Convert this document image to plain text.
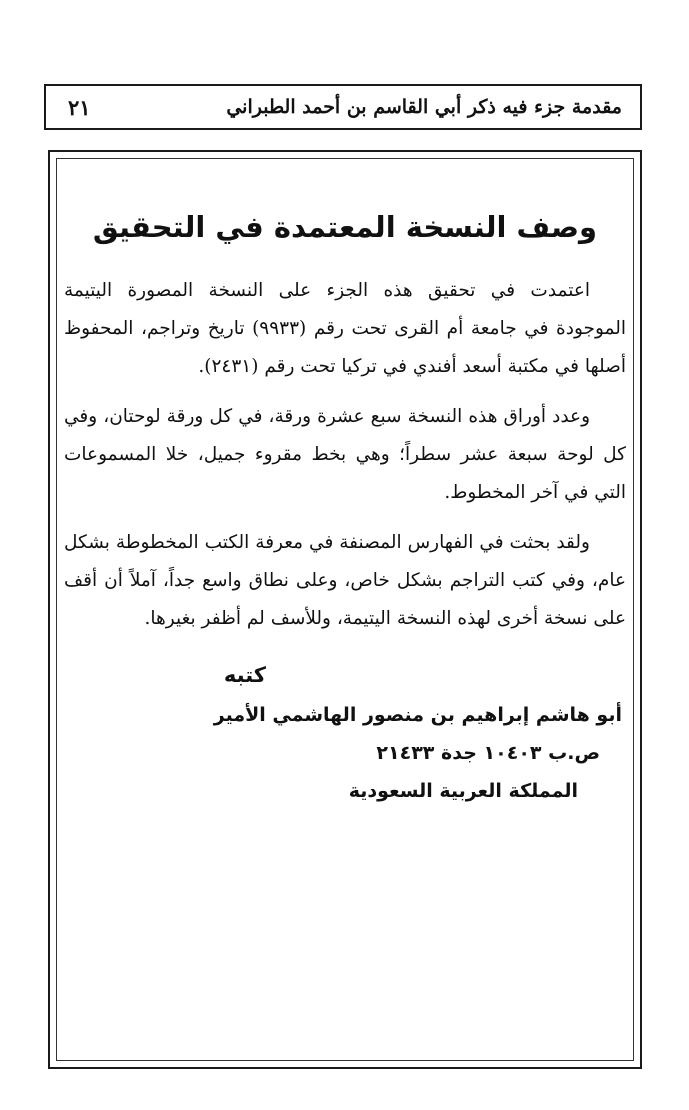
مقدمة جزء فيه ذكر أبي القاسم بن أحمد الطبراني
٢١
وصف النسخة المعتمدة في التحقيق

اعتمدت في تحقيق هذه الجزء على النسخة المصورة اليتيمة الموجودة في جامعة أم القرى تحت رقم (٩٩٣٣) تاريخ وتراجم، المحفوظ أصلها في مكتبة أسعد أفندي في تركيا تحت رقم (٢٤٣١).

وعدد أوراق هذه النسخة سبع عشرة ورقة، في كل ورقة لوحتان، وفي كل لوحة سبعة عشر سطراً؛ وهي بخط مقروء جميل، خلا المسموعات التي في آخر المخطوط.

ولقد بحثت في الفهارس المصنفة في معرفة الكتب المخطوطة بشكل عام، وفي كتب التراجم بشكل خاص، وعلى نطاق واسع جداً، آملاً أن أقف على نسخة أخرى لهذه النسخة اليتيمة، وللأسف لم أظفر بغيرها.

كتبه
أبو هاشم إبراهيم بن منصور الهاشمي الأمير
ص.ب ١٠٤٠٣ جدة ٢١٤٣٣
المملكة العربية السعودية
